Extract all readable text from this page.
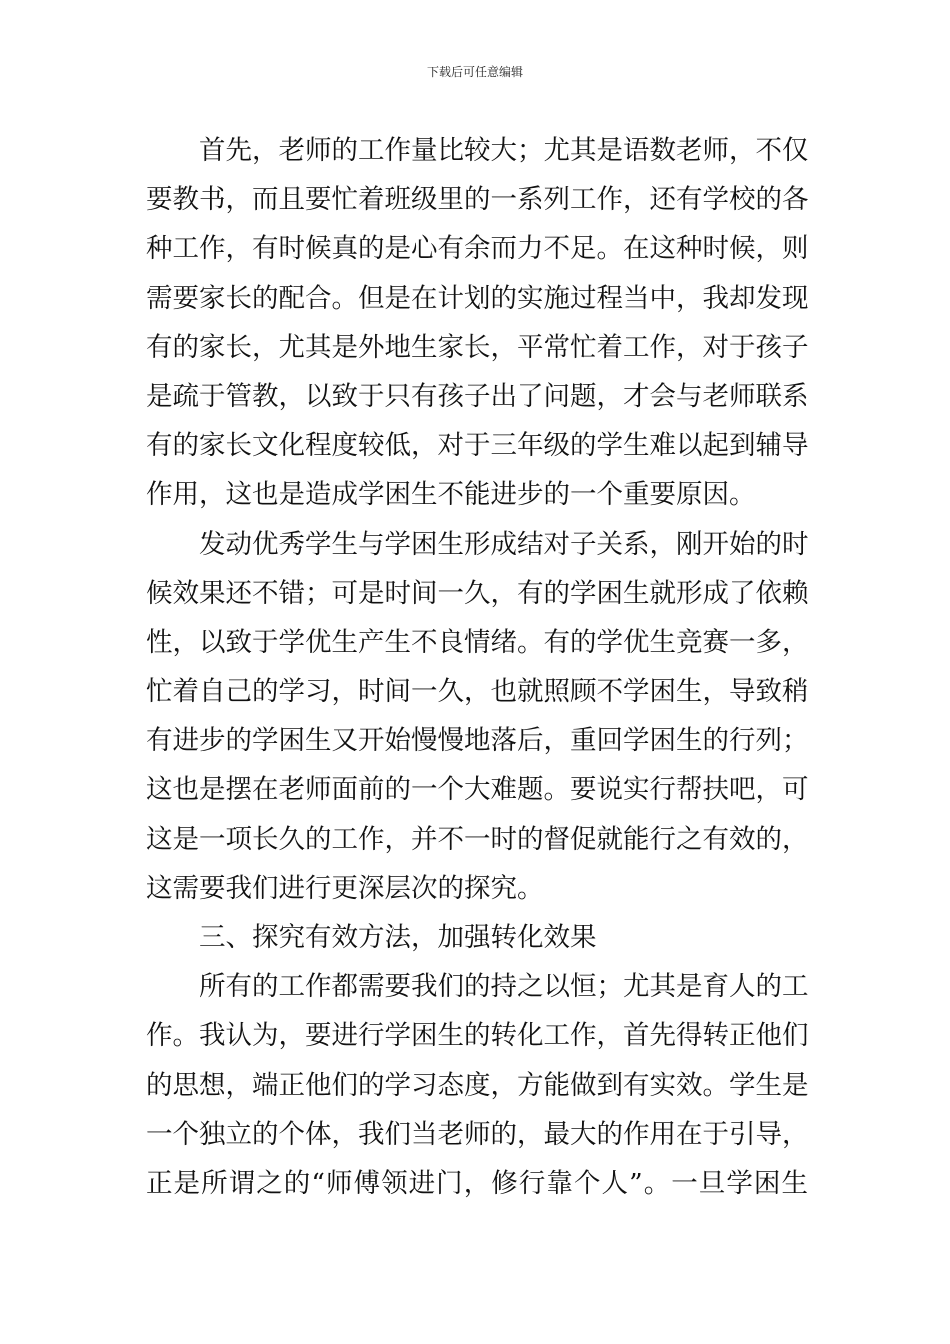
下载后可任意编辑
首先，老师的工作量比较大；尤其是语数老师，不仅
要教书，而且要忙着班级里的一系列工作，还有学校的各
种工作，有时候真的是心有余而力不足。在这种时候，则
需要家长的配合。但是在计划的实施过程当中，我却发现
有的家长，尤其是外地生家长，平常忙着工作，对于孩子
是疏于管教，以致于只有孩子出了问题，才会与老师联系
有的家长文化程度较低，对于三年级的学生难以起到辅导
作用，这也是造成学困生不能进步的一个重要原因。
发动优秀学生与学困生形成结对子关系，刚开始的时
候效果还不错；可是时间一久，有的学困生就形成了依赖
性，以致于学优生产生不良情绪。有的学优生竞赛一多，
忙着自己的学习，时间一久，也就照顾不学困生，导致稍
有进步的学困生又开始慢慢地落后，重回学困生的行列；
这也是摆在老师面前的一个大难题。要说实行帮扶吧，可
这是一项长久的工作，并不一时的督促就能行之有效的，
这需要我们进行更深层次的探究。
三、探究有效方法，加强转化效果
所有的工作都需要我们的持之以恒；尤其是育人的工
作。我认为，要进行学困生的转化工作，首先得转正他们
的思想，端正他们的学习态度，方能做到有实效。学生是
一个独立的个体，我们当老师的，最大的作用在于引导，
正是所谓之的“师傅领进门，修行靠个人”。一旦学困生
